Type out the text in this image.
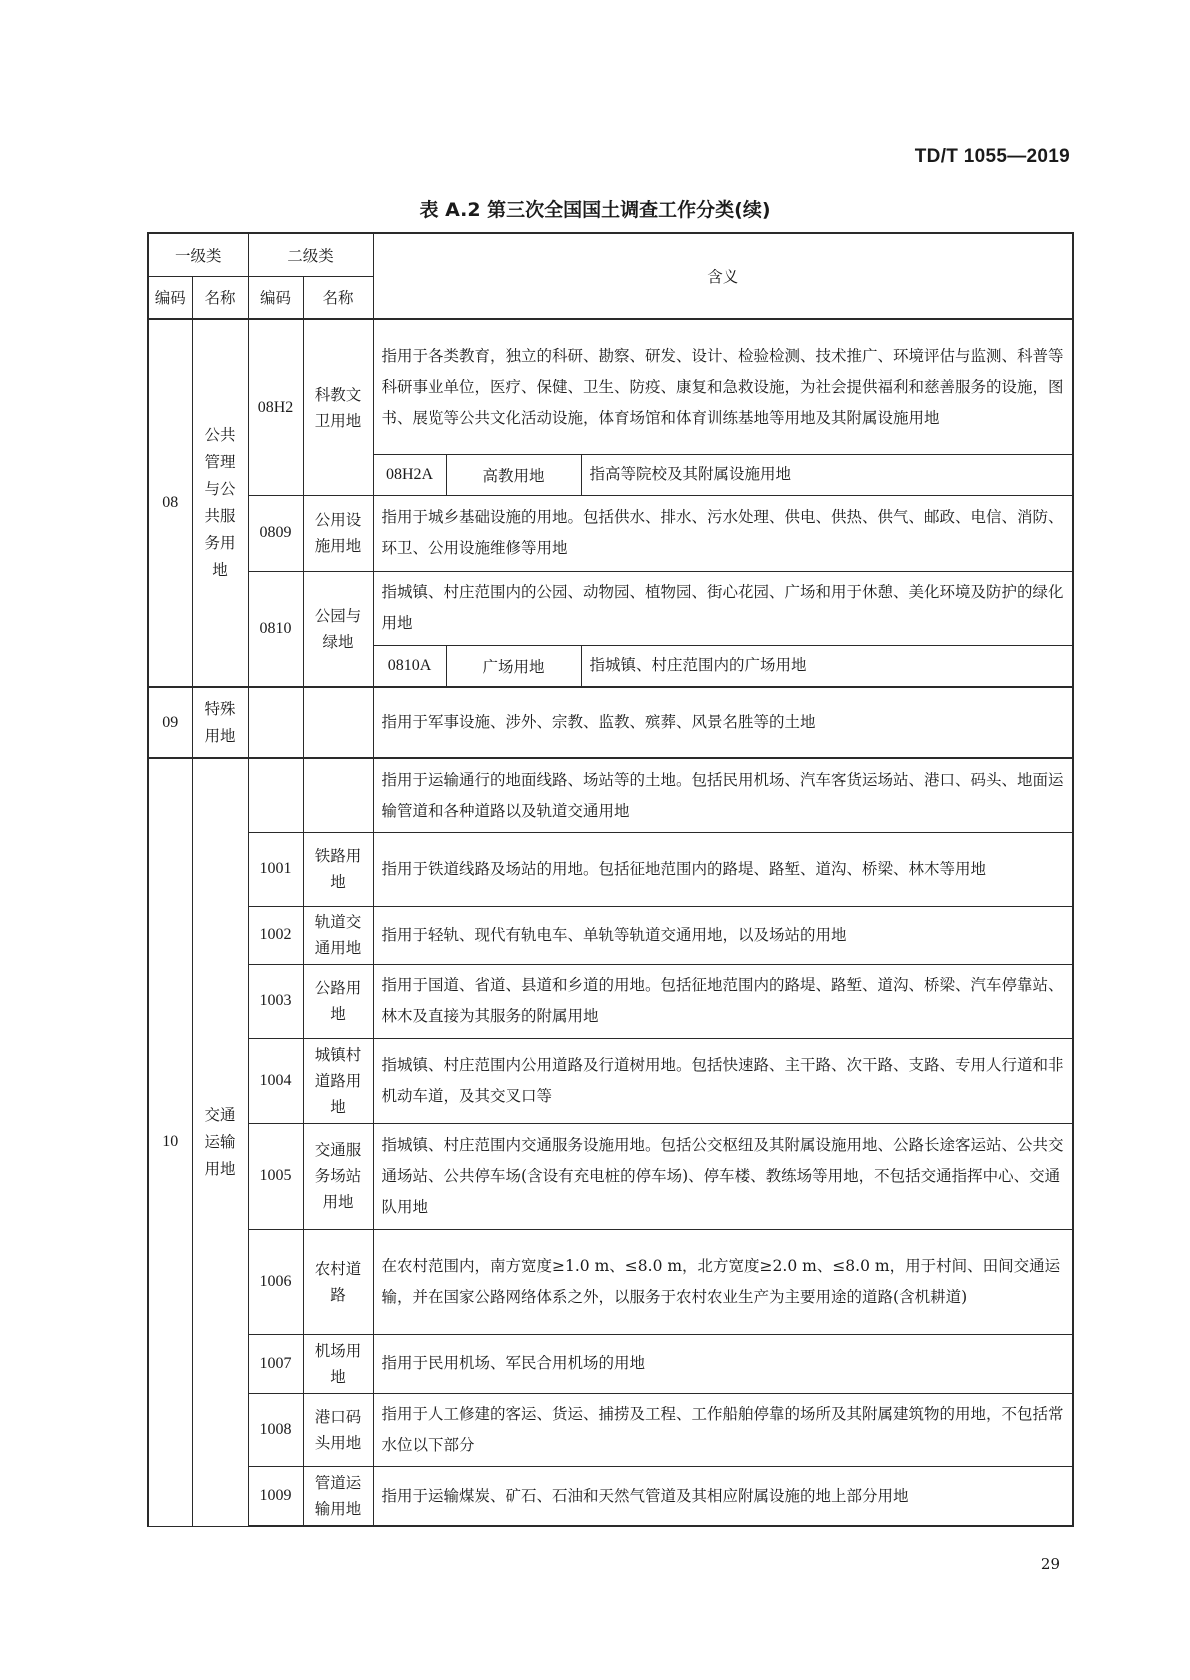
TD/T 1055—2019
表 A.2 第三次全国国土调查工作分类(续)
一级类		二级类		含义		
编码	名称	编码	名称			
08	公共管理与公共服务用地	08H2	科教文卫用地	指用于各类教育，独立的科研、勘察、研发、设计、检验检测、技术推广、环境评估与监测、科普等科研事业单位，医疗、保健、卫生、防疫、康复和急救设施，为社会提供福利和慈善服务的设施，图书、展览等公共文化活动设施，体育场馆和体育训练基地等用地及其附属设施用地		
				08H2A	高教用地	指高等院校及其附属设施用地
		0809	公用设施用地	指用于城乡基础设施的用地。包括供水、排水、污水处理、供电、供热、供气、邮政、电信、消防、环卫、公用设施维修等用地		
		0810	公园与绿地	指城镇、村庄范围内的公园、动物园、植物园、街心花园、广场和用于休憩、美化环境及防护的绿化用地		
				0810A	广场用地	指城镇、村庄范围内的广场用地
09	特殊用地			指用于军事设施、涉外、宗教、监教、殡葬、风景名胜等的土地		
10	交通运输用地			指用于运输通行的地面线路、场站等的土地。包括民用机场、汽车客货运场站、港口、码头、地面运输管道和各种道路以及轨道交通用地		
		1001	铁路用地	指用于铁道线路及场站的用地。包括征地范围内的路堤、路堑、道沟、桥梁、林木等用地		
		1002	轨道交通用地	指用于轻轨、现代有轨电车、单轨等轨道交通用地，以及场站的用地		
		1003	公路用地	指用于国道、省道、县道和乡道的用地。包括征地范围内的路堤、路堑、道沟、桥梁、汽车停靠站、林木及直接为其服务的附属用地		
		1004	城镇村道路用地	指城镇、村庄范围内公用道路及行道树用地。包括快速路、主干路、次干路、支路、专用人行道和非机动车道，及其交叉口等		
		1005	交通服务场站用地	指城镇、村庄范围内交通服务设施用地。包括公交枢纽及其附属设施用地、公路长途客运站、公共交通场站、公共停车场(含设有充电桩的停车场)、停车楼、教练场等用地，不包括交通指挥中心、交通队用地		
		1006	农村道路	在农村范围内，南方宽度≥1.0 m、≤8.0 m，北方宽度≥2.0 m、≤8.0 m，用于村间、田间交通运输，并在国家公路网络体系之外，以服务于农村农业生产为主要用途的道路(含机耕道)		
		1007	机场用地	指用于民用机场、军民合用机场的用地		
		1008	港口码头用地	指用于人工修建的客运、货运、捕捞及工程、工作船舶停靠的场所及其附属建筑物的用地，不包括常水位以下部分		
		1009	管道运输用地	指用于运输煤炭、矿石、石油和天然气管道及其相应附属设施的地上部分用地		
29
